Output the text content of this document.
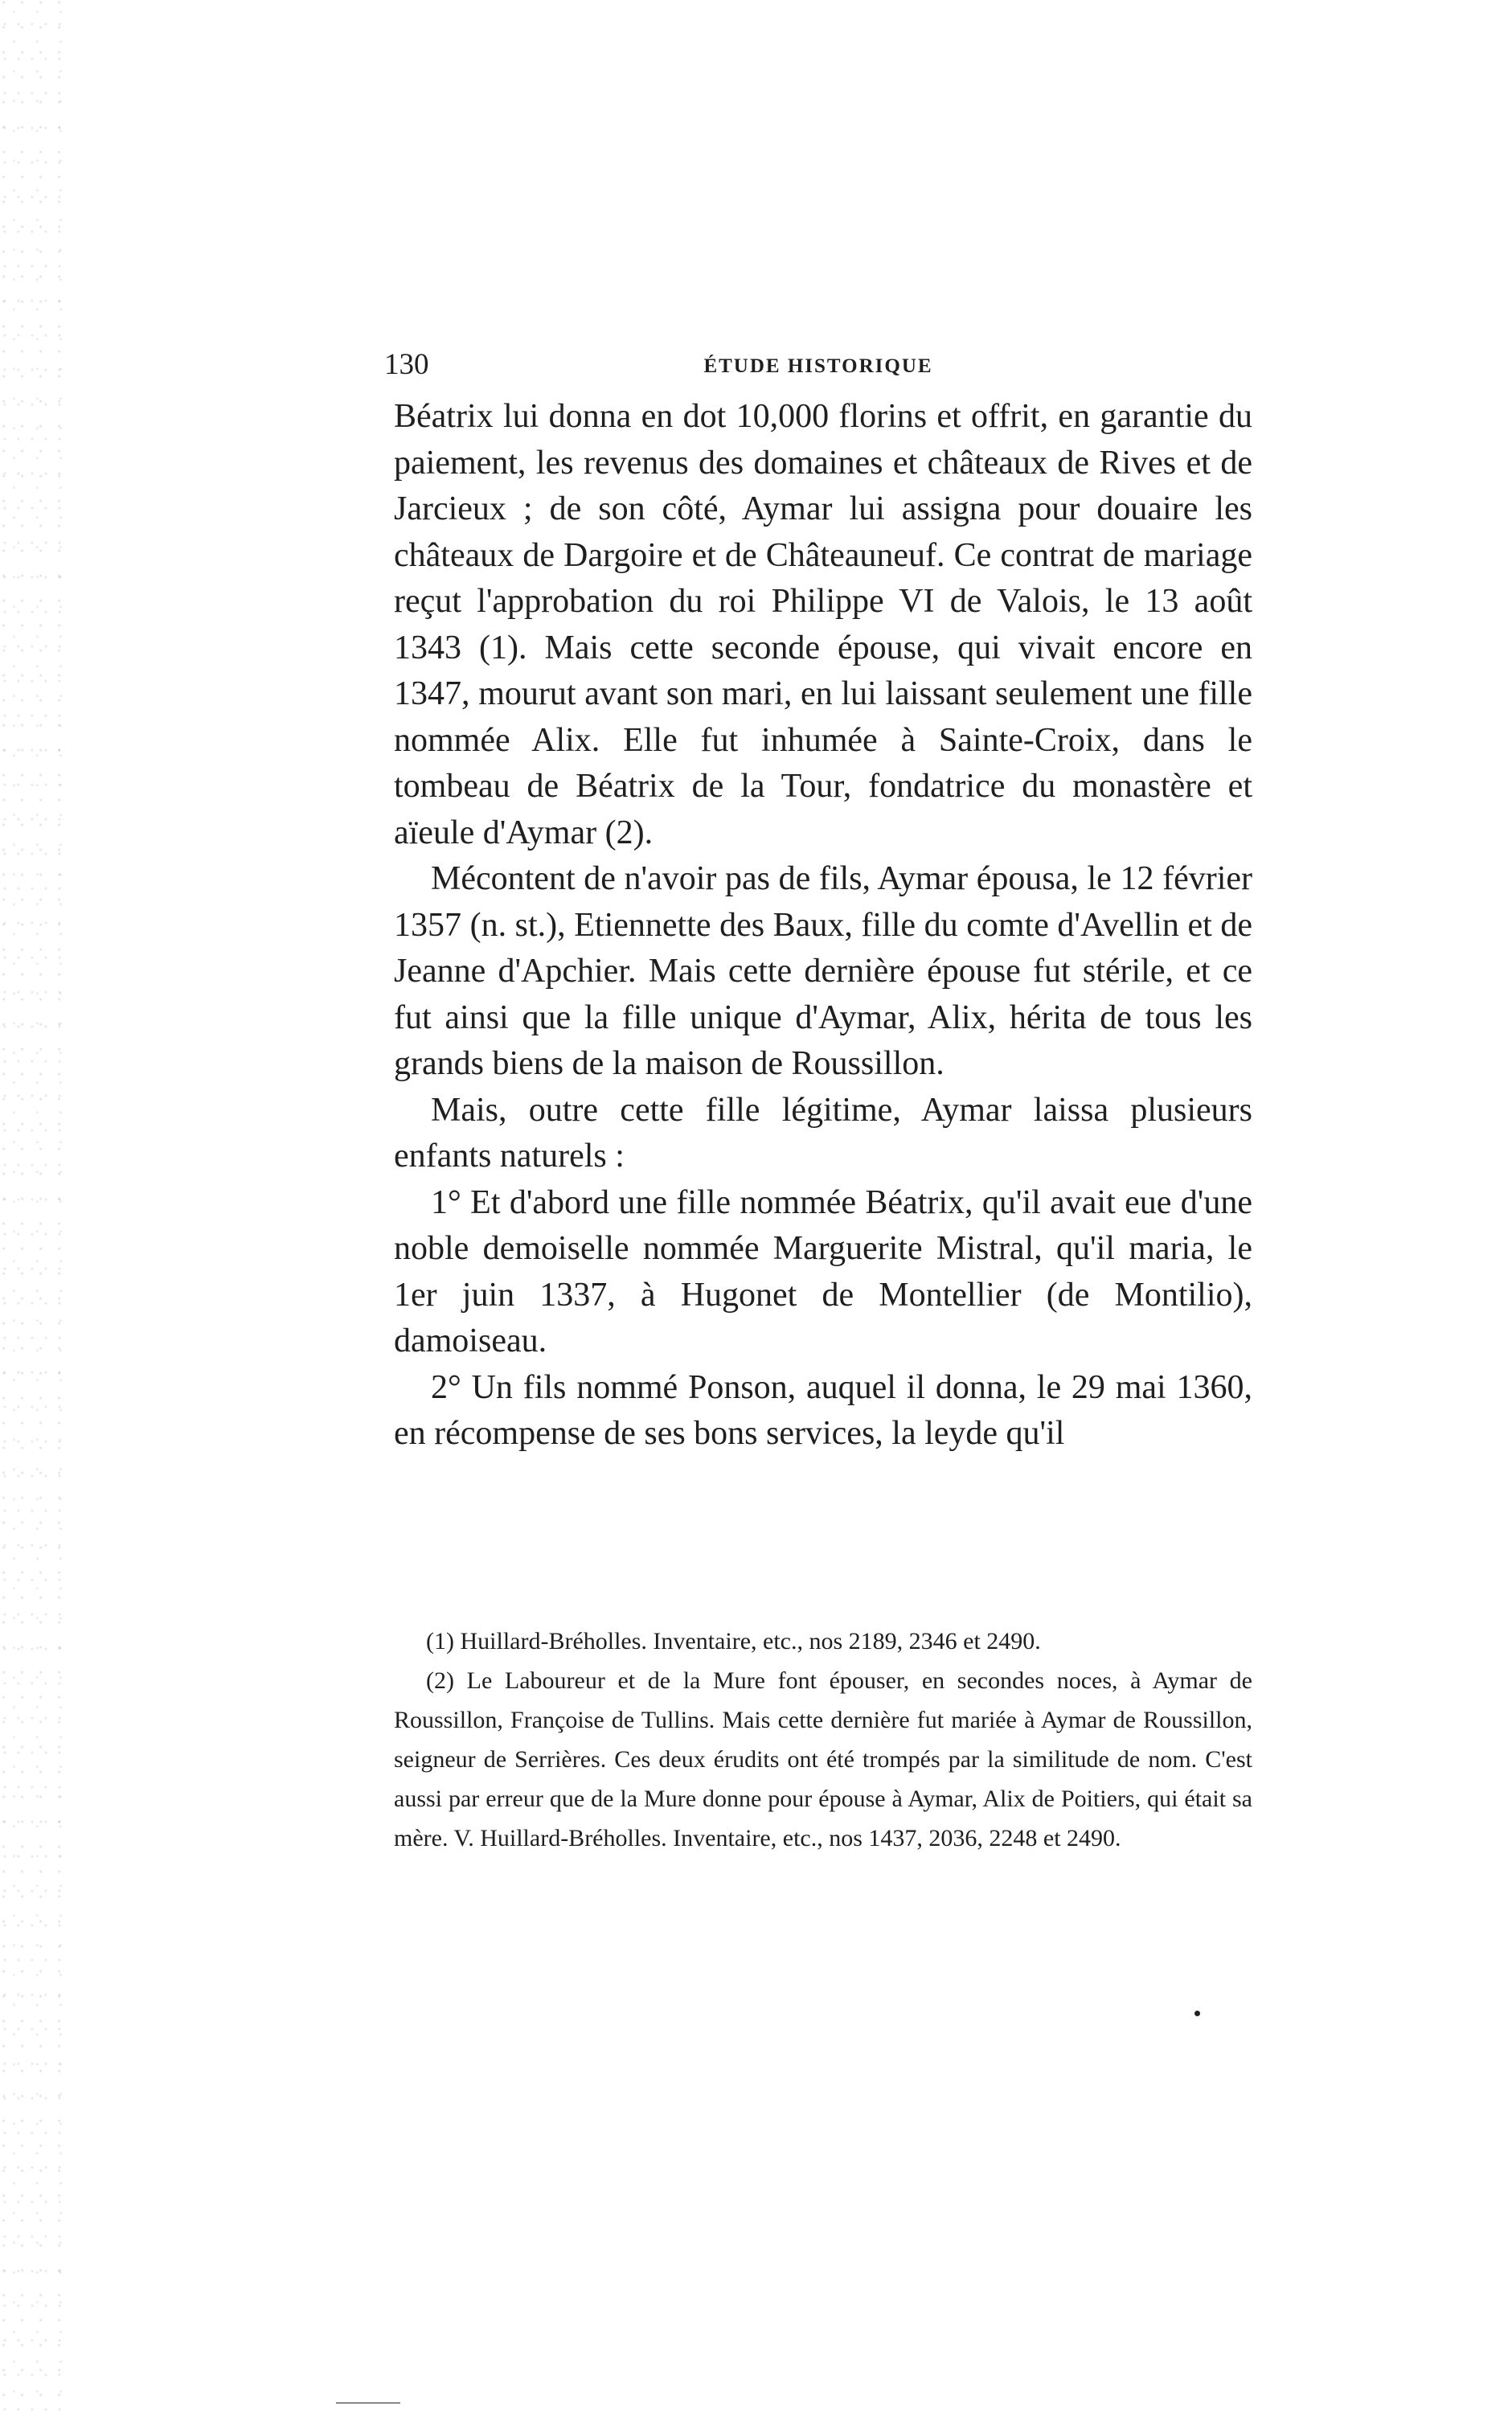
130	ÉTUDE HISTORIQUE

Béatrix lui donna en dot 10,000 florins et offrit, en garantie du paiement, les revenus des domaines et châteaux de Rives et de Jarcieux ; de son côté, Aymar lui assigna pour douaire les châteaux de Dargoire et de Châteauneuf. Ce contrat de mariage reçut l'approbation du roi Philippe VI de Valois, le 13 août 1343 (1). Mais cette seconde épouse, qui vivait encore en 1347, mourut avant son mari, en lui laissant seulement une fille nommée Alix. Elle fut inhumée à Sainte-Croix, dans le tombeau de Béatrix de la Tour, fondatrice du monastère et aïeule d'Aymar (2).

Mécontent de n'avoir pas de fils, Aymar épousa, le 12 février 1357 (n. st.), Etiennette des Baux, fille du comte d'Avellin et de Jeanne d'Apchier. Mais cette dernière épouse fut stérile, et ce fut ainsi que la fille unique d'Aymar, Alix, hérita de tous les grands biens de la maison de Roussillon.

Mais, outre cette fille légitime, Aymar laissa plusieurs enfants naturels :

1° Et d'abord une fille nommée Béatrix, qu'il avait eue d'une noble demoiselle nommée Marguerite Mistral, qu'il maria, le 1er juin 1337, à Hugonet de Montellier (de Montilio), damoiseau.

2° Un fils nommé Ponson, auquel il donna, le 29 mai 1360, en récompense de ses bons services, la leyde qu'il

(1) Huillard-Bréholles. Inventaire, etc., nos 2189, 2346 et 2490.

(2) Le Laboureur et de la Mure font épouser, en secondes noces, à Aymar de Roussillon, Françoise de Tullins. Mais cette dernière fut mariée à Aymar de Roussillon, seigneur de Serrières. Ces deux érudits ont été trompés par la similitude de nom. C'est aussi par erreur que de la Mure donne pour épouse à Aymar, Alix de Poitiers, qui était sa mère. V. Huillard-Bréholles. Inventaire, etc., nos 1437, 2036, 2248 et 2490.
